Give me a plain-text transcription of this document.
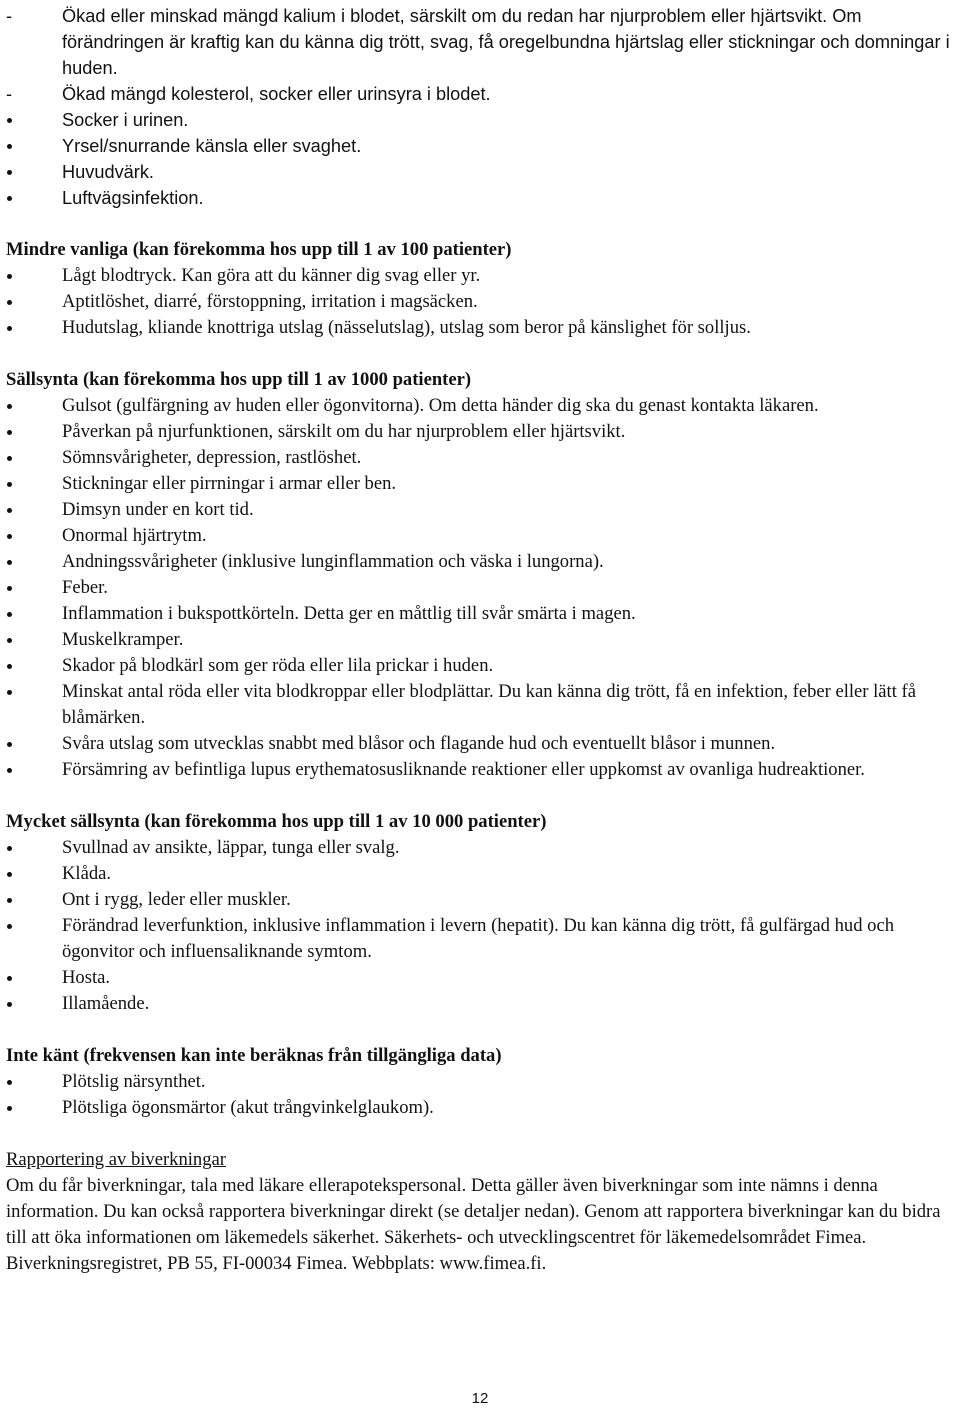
-	Ökad eller minskad mängd kalium i blodet, särskilt om du redan har njurproblem eller hjärtsvikt. Om förändringen är kraftig kan du känna dig trött, svag, få oregelbundna hjärtslag eller stickningar och domningar i huden.
-	Ökad mängd kolesterol, socker eller urinsyra i blodet.
Socker i urinen.
Yrsel/snurrande känsla eller svaghet.
Huvudvärk.
Luftvägsinfektion.
Mindre vanliga (kan förekomma hos upp till 1 av 100 patienter)
Lågt blodtryck. Kan göra att du känner dig svag eller yr.
Aptitlöshet, diarré, förstoppning, irritation i magsäcken.
Hudutslag, kliande knottriga utslag (nässelutslag), utslag som beror på känslighet för solljus.
Sällsynta (kan förekomma hos upp till 1 av 1000 patienter)
Gulsot (gulfärgning av huden eller ögonvitorna). Om detta händer dig ska du genast kontakta läkaren.
Påverkan på njurfunktionen, särskilt om du har njurproblem eller hjärtsvikt.
Sömnsvårigheter, depression, rastlöshet.
Stickningar eller pirrningar i armar eller ben.
Dimsyn under en kort tid.
Onormal hjärtrytm.
Andningssvårigheter (inklusive lunginflammation och väska i lungorna).
Feber.
Inflammation i bukspottkörteln. Detta ger en måttlig till svår smärta i magen.
Muskelkramper.
Skador på blodkärl som ger röda eller lila prickar i huden.
Minskat antal röda eller vita blodkroppar eller blodplättar. Du kan känna dig trött, få en infektion, feber eller lätt få blåmärken.
Svåra utslag som utvecklas snabbt med blåsor och flagande hud och eventuellt blåsor i munnen.
Försämring av befintliga lupus erythematosusliknande reaktioner eller uppkomst av ovanliga hudreaktioner.
Mycket sällsynta (kan förekomma hos upp till 1 av 10 000 patienter)
Svullnad av ansikte, läppar, tunga eller svalg.
Klåda.
Ont i rygg, leder eller muskler.
Förändrad leverfunktion, inklusive inflammation i levern (hepatit). Du kan känna dig trött, få gulfärgad hud och ögonvitor och influensaliknande symtom.
Hosta.
Illamående.
Inte känt (frekvensen kan inte beräknas från tillgängliga data)
Plötslig närsynthet.
Plötsliga ögonsmärtor (akut trångvinkelglaukom).
Rapportering av biverkningar
Om du får biverkningar, tala med läkare ellerapotekspersonal. Detta gäller även biverkningar som inte nämns i denna information. Du kan också rapportera biverkningar direkt (se detaljer nedan). Genom att rapportera biverkningar kan du bidra till att öka informationen om läkemedels säkerhet. Säkerhets- och utvecklingscentret för läkemedelsområdet Fimea. Biverkningsregistret, PB 55, FI-00034 Fimea. Webbplats: www.fimea.fi.
12
